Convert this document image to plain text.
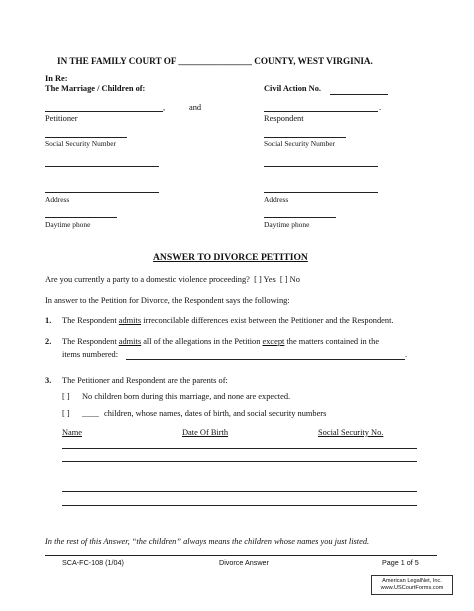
IN THE FAMILY COURT OF ________________ COUNTY, WEST VIRGINIA.
In Re:
The Marriage / Children of:	Civil Action No.
,	and	.
Petitioner	Respondent
Social Security Number	Social Security Number
Address	Address
Daytime phone	Daytime phone
ANSWER TO DIVORCE PETITION
Are you currently a party to a domestic violence proceeding? [ ] Yes [ ] No
In answer to the Petition for Divorce, the Respondent says the following:
1. The Respondent admits irreconcilable differences exist between the Petitioner and the Respondent.
2. The Respondent admits all of the allegations in the Petition except the matters contained in the
items numbered:	.
3. The Petitioner and Respondent are the parents of:
[ ] No children born during this marriage, and none are expected.
[ ] ____ children, whose names, dates of birth, and social security numbers
Name	Date Of Birth	Social Security No.
In the rest of this Answer, “the children” always means the children whose names you just listed.
SCA-FC-108 (1/04)	Divorce Answer	Page 1 of 5
American LegalNet, Inc.
www.USCourtForms.com
